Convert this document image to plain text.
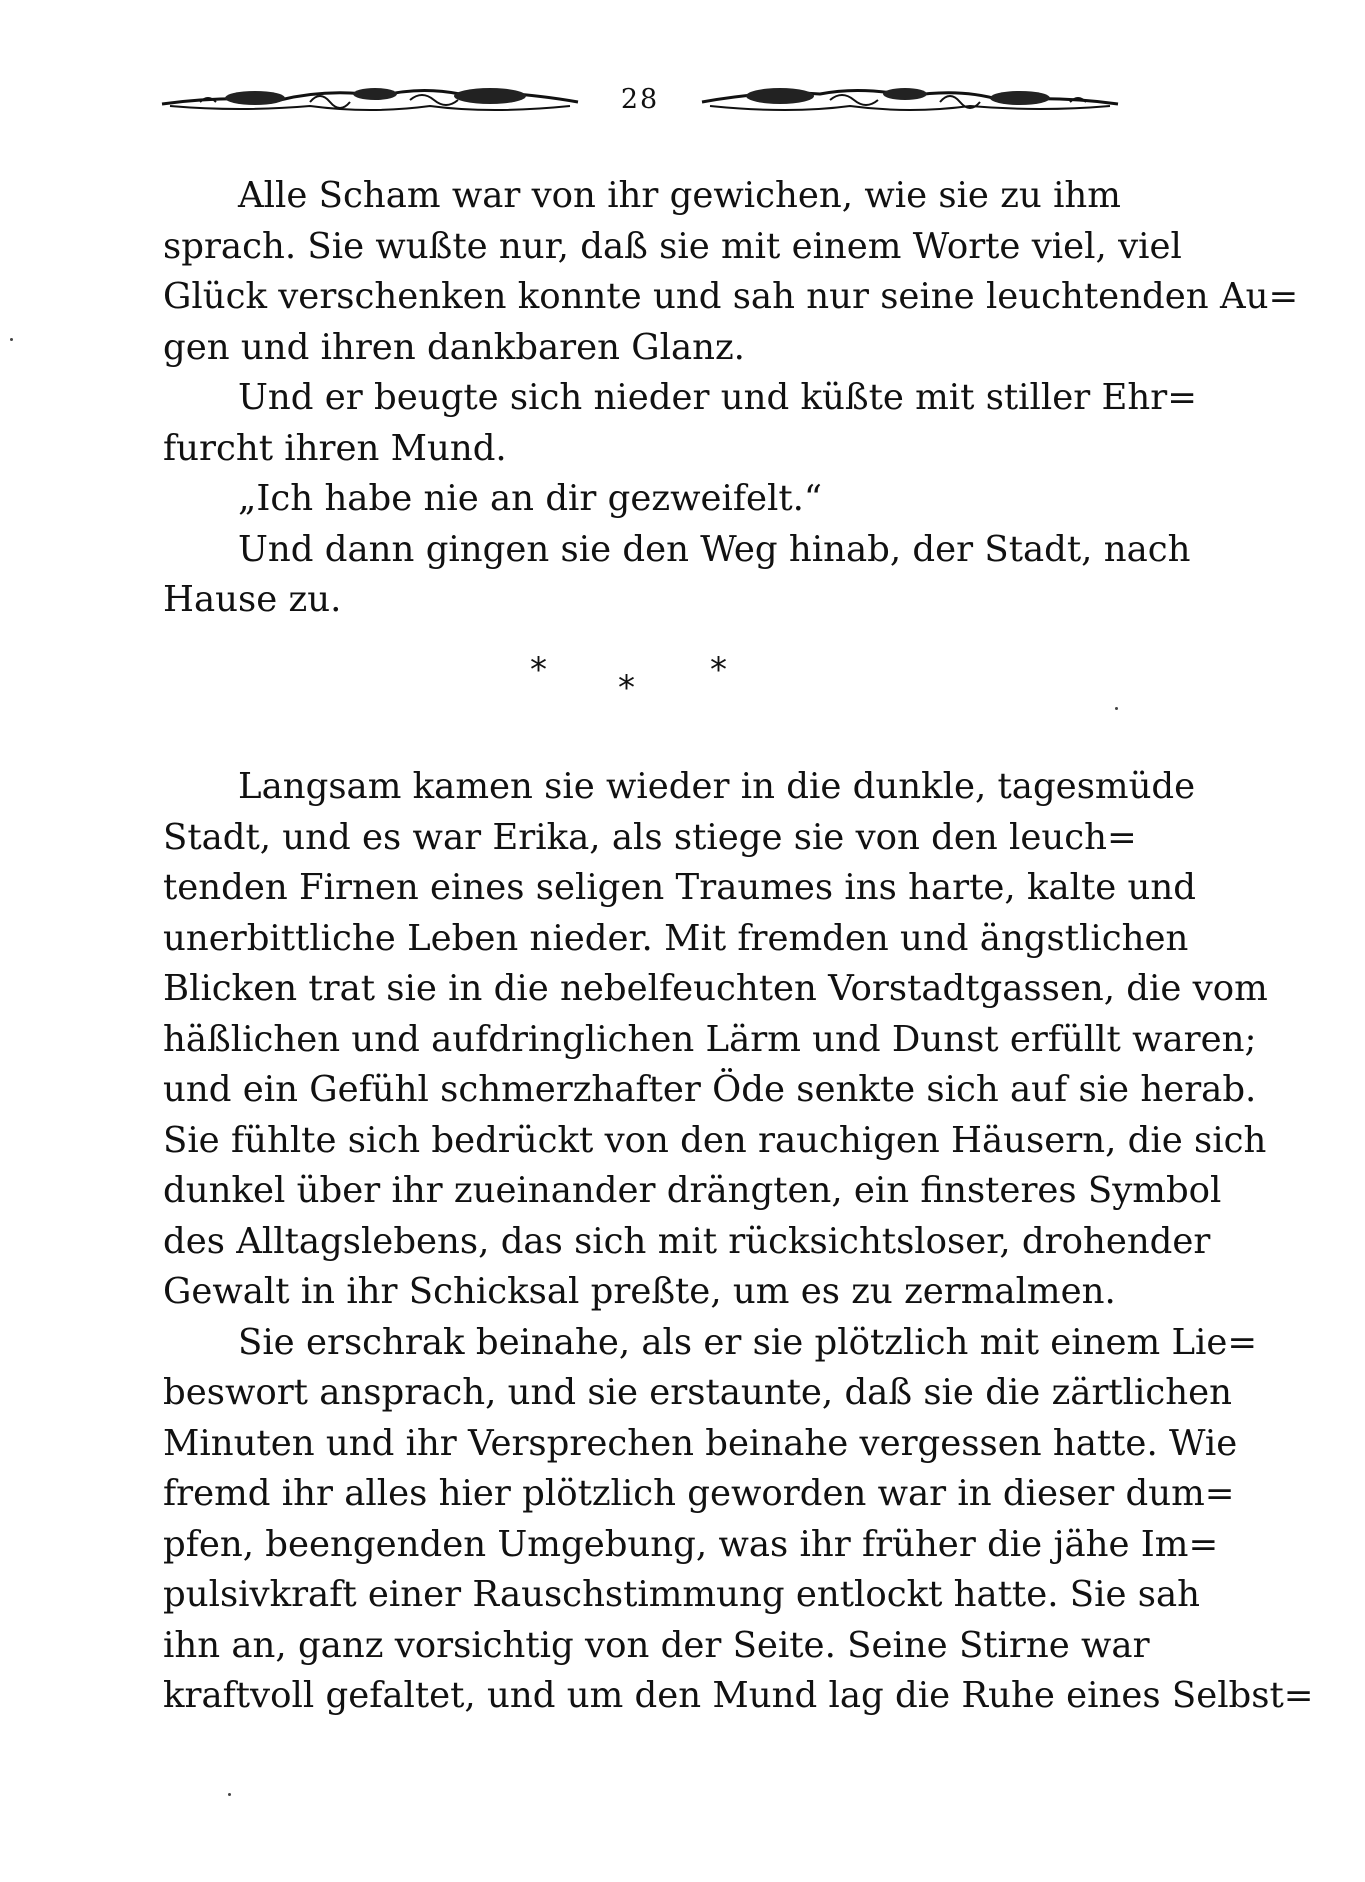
28
Alle Scham war von ihr gewichen, wie sie zu ihm
sprach. Sie wußte nur, daß sie mit einem Worte viel, viel
Glück verschenken konnte und sah nur seine leuchtenden Au=
gen und ihren dankbaren Glanz.
Und er beugte sich nieder und küßte mit stiller Ehr=
furcht ihren Mund.
„Ich habe nie an dir gezweifelt.“
Und dann gingen sie den Weg hinab, der Stadt, nach
Hause zu.
* * *
Langsam kamen sie wieder in die dunkle, tagesmüde
Stadt, und es war Erika, als stiege sie von den leuch=
tenden Firnen eines seligen Traumes ins harte, kalte und
unerbittliche Leben nieder. Mit fremden und ängstlichen
Blicken trat sie in die nebelfeuchten Vorstadtgassen, die vom
häßlichen und aufdringlichen Lärm und Dunst erfüllt waren;
und ein Gefühl schmerzhafter Öde senkte sich auf sie herab.
Sie fühlte sich bedrückt von den rauchigen Häusern, die sich
dunkel über ihr zueinander drängten, ein finsteres Symbol
des Alltagslebens, das sich mit rücksichtsloser, drohender
Gewalt in ihr Schicksal preßte, um es zu zermalmen.
Sie erschrak beinahe, als er sie plötzlich mit einem Lie=
beswort ansprach, und sie erstaunte, daß sie die zärtlichen
Minuten und ihr Versprechen beinahe vergessen hatte. Wie
fremd ihr alles hier plötzlich geworden war in dieser dum=
pfen, beengenden Umgebung, was ihr früher die jähe Im=
pulsivkraft einer Rauschstimmung entlockt hatte. Sie sah
ihn an, ganz vorsichtig von der Seite. Seine Stirne war
kraftvoll gefaltet, und um den Mund lag die Ruhe eines Selbst=
